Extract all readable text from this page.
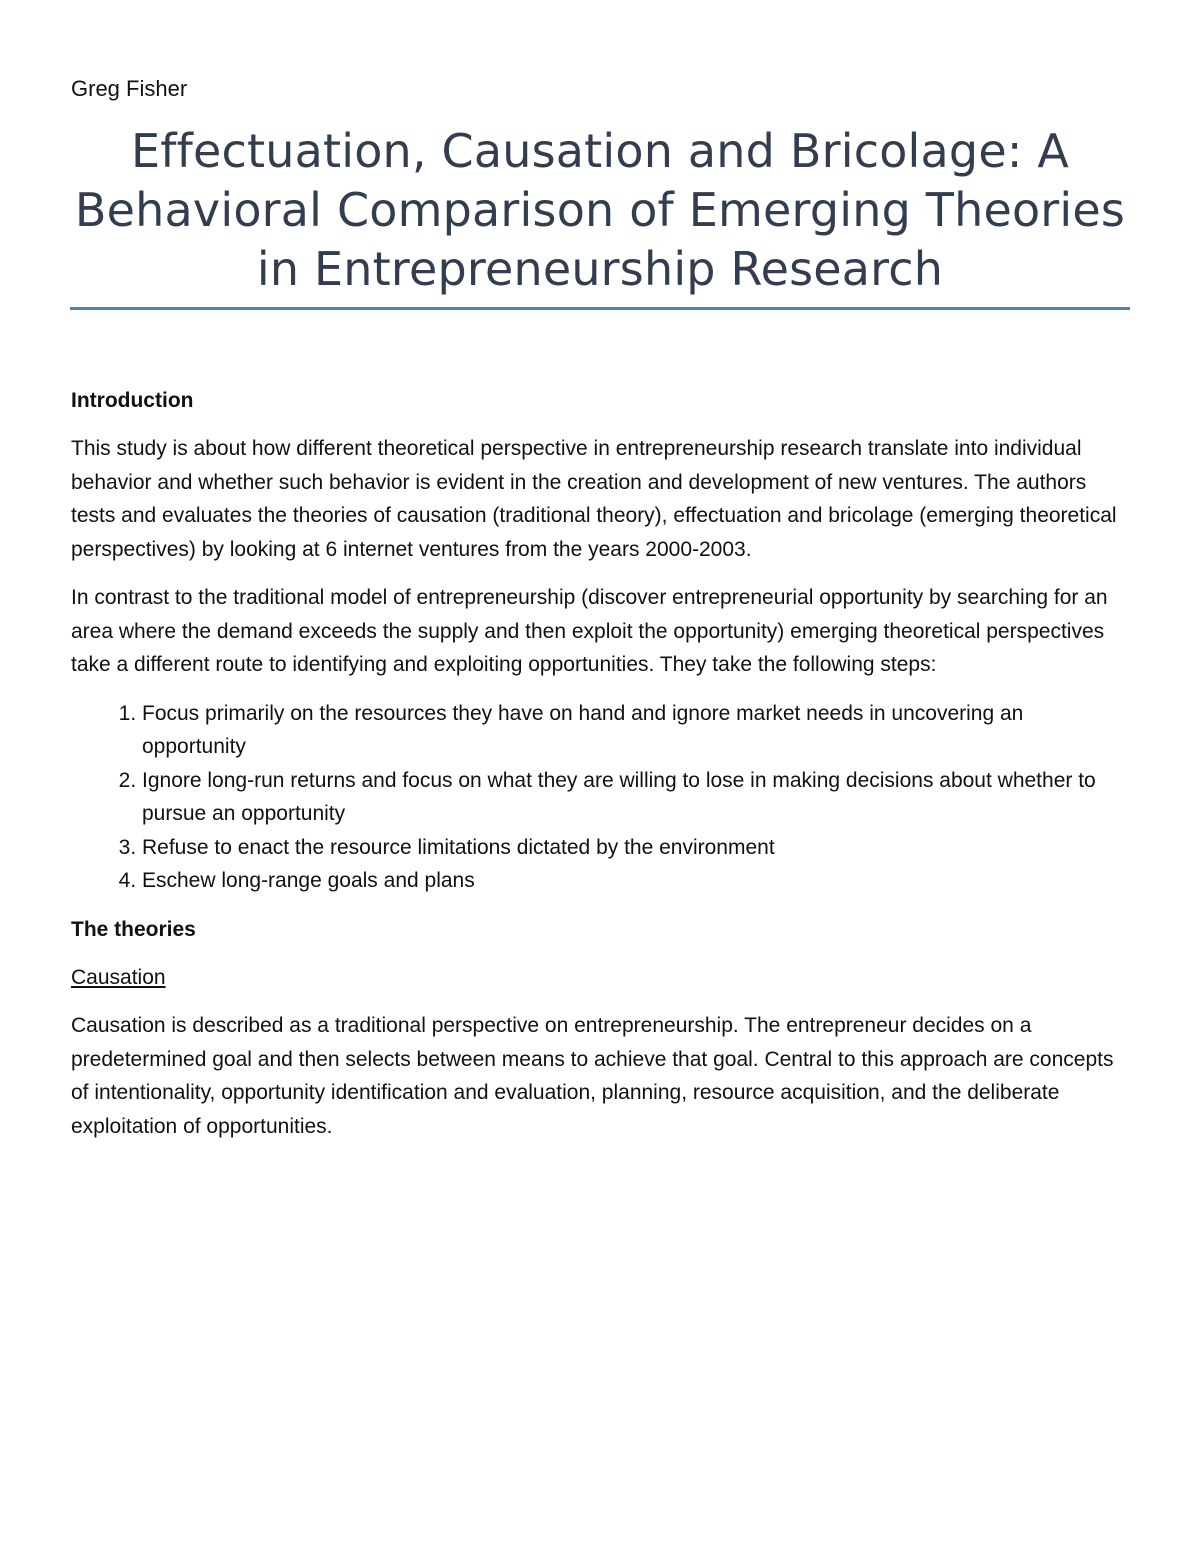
Greg Fisher
Effectuation, Causation and Bricolage: A Behavioral Comparison of Emerging Theories in Entrepreneurship Research
Introduction
This study is about how different theoretical perspective in entrepreneurship research translate into individual behavior and whether such behavior is evident in the creation and development of new ventures. The authors tests and evaluates the theories of causation (traditional theory), effectuation and bricolage (emerging theoretical perspectives) by looking at 6 internet ventures from the years 2000-2003.
In contrast to the traditional model of entrepreneurship (discover entrepreneurial opportunity by searching for an area where the demand exceeds the supply and then exploit the opportunity) emerging theoretical perspectives take a different route to identifying and exploiting opportunities. They take the following steps:
1. Focus primarily on the resources they have on hand and ignore market needs in uncovering an opportunity
2. Ignore long-run returns and focus on what they are willing to lose in making decisions about whether to pursue an opportunity
3. Refuse to enact the resource limitations dictated by the environment
4. Eschew long-range goals and plans
The theories
Causation
Causation is described as a traditional perspective on entrepreneurship. The entrepreneur decides on a predetermined goal and then selects between means to achieve that goal. Central to this approach are concepts of intentionality, opportunity identification and evaluation, planning, resource acquisition, and the deliberate exploitation of opportunities.
